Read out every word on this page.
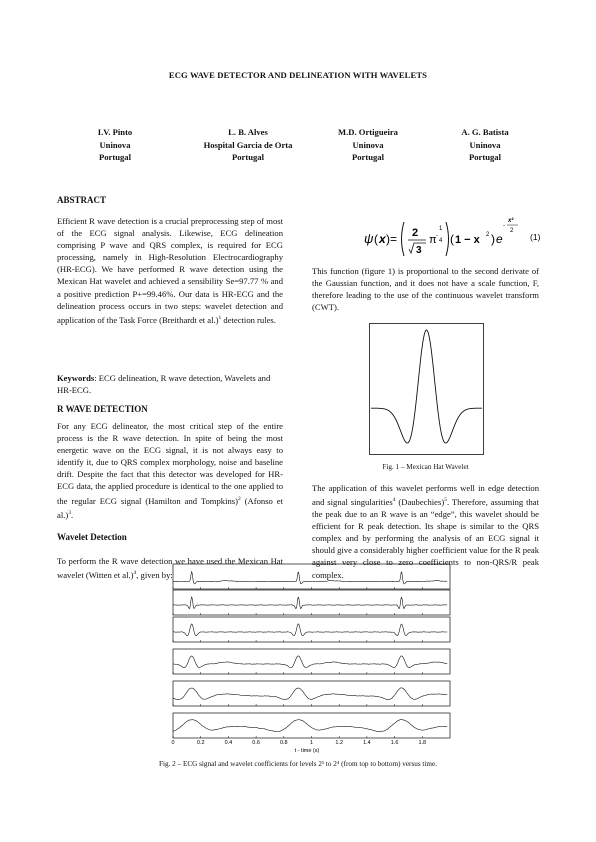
ECG WAVE DETECTOR AND DELINEATION WITH WAVELETS
I.V. Pinto
Uninova
Portugal
L. B. Alves
Hospital Garcia de Orta
Portugal
M.D. Ortigueira
Uninova
Portugal
A. G. Batista
Uninova
Portugal
ABSTRACT
Efficient R wave detection is a crucial preprocessing step of most of the ECG signal analysis. Likewise, ECG delineation comprising P wave and QRS complex, is required for ECG processing, namely in High-Resolution Electrocardiography (HR-ECG). We have performed R wave detection using the Mexican Hat wavelet and achieved a sensibility Se=97.77 % and a positive prediction P+=99.46%. Our data is HR-ECG and the delineation process occurs in two steps: wavelet detection and application of the Task Force (Breithardt et al.)$^1$ detection rules.
Keywords: ECG delineation, R wave detection, Wavelets and HR-ECG.
R WAVE DETECTION
For any ECG delineator, the most critical step of the entire process is the R wave detection. In spite of being the most energetic wave on the ECG signal, it is not always easy to identify it, due to QRS complex morphology, noise and baseline drift. Despite the fact that this detector was developed for HR-ECG data, the applied procedure is identical to the one applied to the regular ECG signal (Hamilton and Tompkins)$^2$ (Afonso et al.)$^3$.
Wavelet Detection
To perform the R wave detection we have used the Mexican Hat wavelet (Witten et al.)$^4$, given by:
ψ ( x )= 2
3
π
1
-
4 ( 1 − x 2 ) e
x²
-
2
(1)
This function (figure 1) is proportional to the second derivate of the Gaussian function, and it does not have a scale function, F, therefore leading to the use of the continuous wavelet transform (CWT).
Fig. 1 – Mexican Hat Wavelet
The application of this wavelet performs well in edge detection and signal singularities$^4$ (Daubechies)$^5$. Therefore, assuming that the peak due to an R wave is an “edge”, this wavelet should be efficient for R peak detection. Its shape is similar to the QRS complex and by performing the analysis of an ECG signal it should give a considerably higher coefficient value for the R peak against very close to zero coefficients to non-QRS/R peak complex.
0	0.2	0.4	0.6	0.8	1	1.2	1.4	1.6	1.8
t - time (s)
Fig. 2 – ECG signal and wavelet coefficients for levels 2¹ to 2⁴ (from top to bottom) versus time.
